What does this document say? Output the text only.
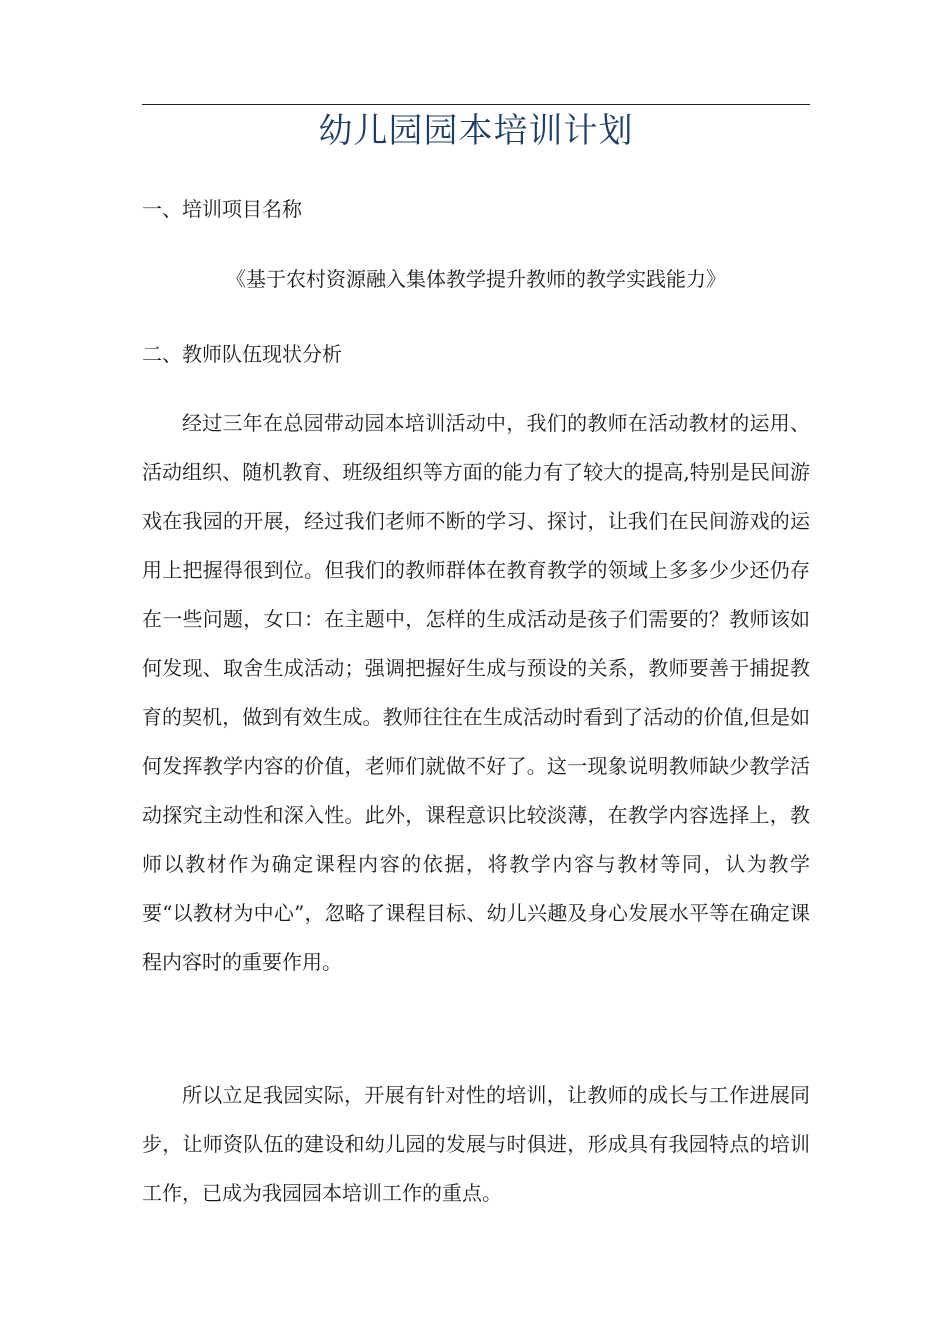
幼儿园园本培训计划
一、培训项目名称
《基于农村资源融入集体教学提升教师的教学实践能力》
二、教师队伍现状分析

经过三年在总园带动园本培训活动中，我们的教师在活动教材的运用、活动组织、随机教育、班级组织等方面的能力有了较大的提高,特别是民间游戏在我园的开展，经过我们老师不断的学习、探讨，让我们在民间游戏的运用上把握得很到位。但我们的教师群体在教育教学的领域上多多少少还仍存在一些问题，女口：在主题中，怎样的生成活动是孩子们需要的？教师该如何发现、取舍生成活动；强调把握好生成与预设的关系，教师要善于捕捉教育的契机，做到有效生成。教师往往在生成活动时看到了活动的价值,但是如何发挥教学内容的价值，老师们就做不好了。这一现象说明教师缺少教学活动探究主动性和深入性。此外，课程意识比较淡薄，在教学内容选择上，教师以教材作为确定课程内容的依据，将教学内容与教材等同，认为教学要“以教材为中心”，忽略了课程目标、幼儿兴趣及身心发展水平等在确定课程内容时的重要作用。

所以立足我园实际，开展有针对性的培训，让教师的成长与工作进展同步，让师资队伍的建设和幼儿园的发展与时俱进，形成具有我园特点的培训工作，已成为我园园本培训工作的重点。
